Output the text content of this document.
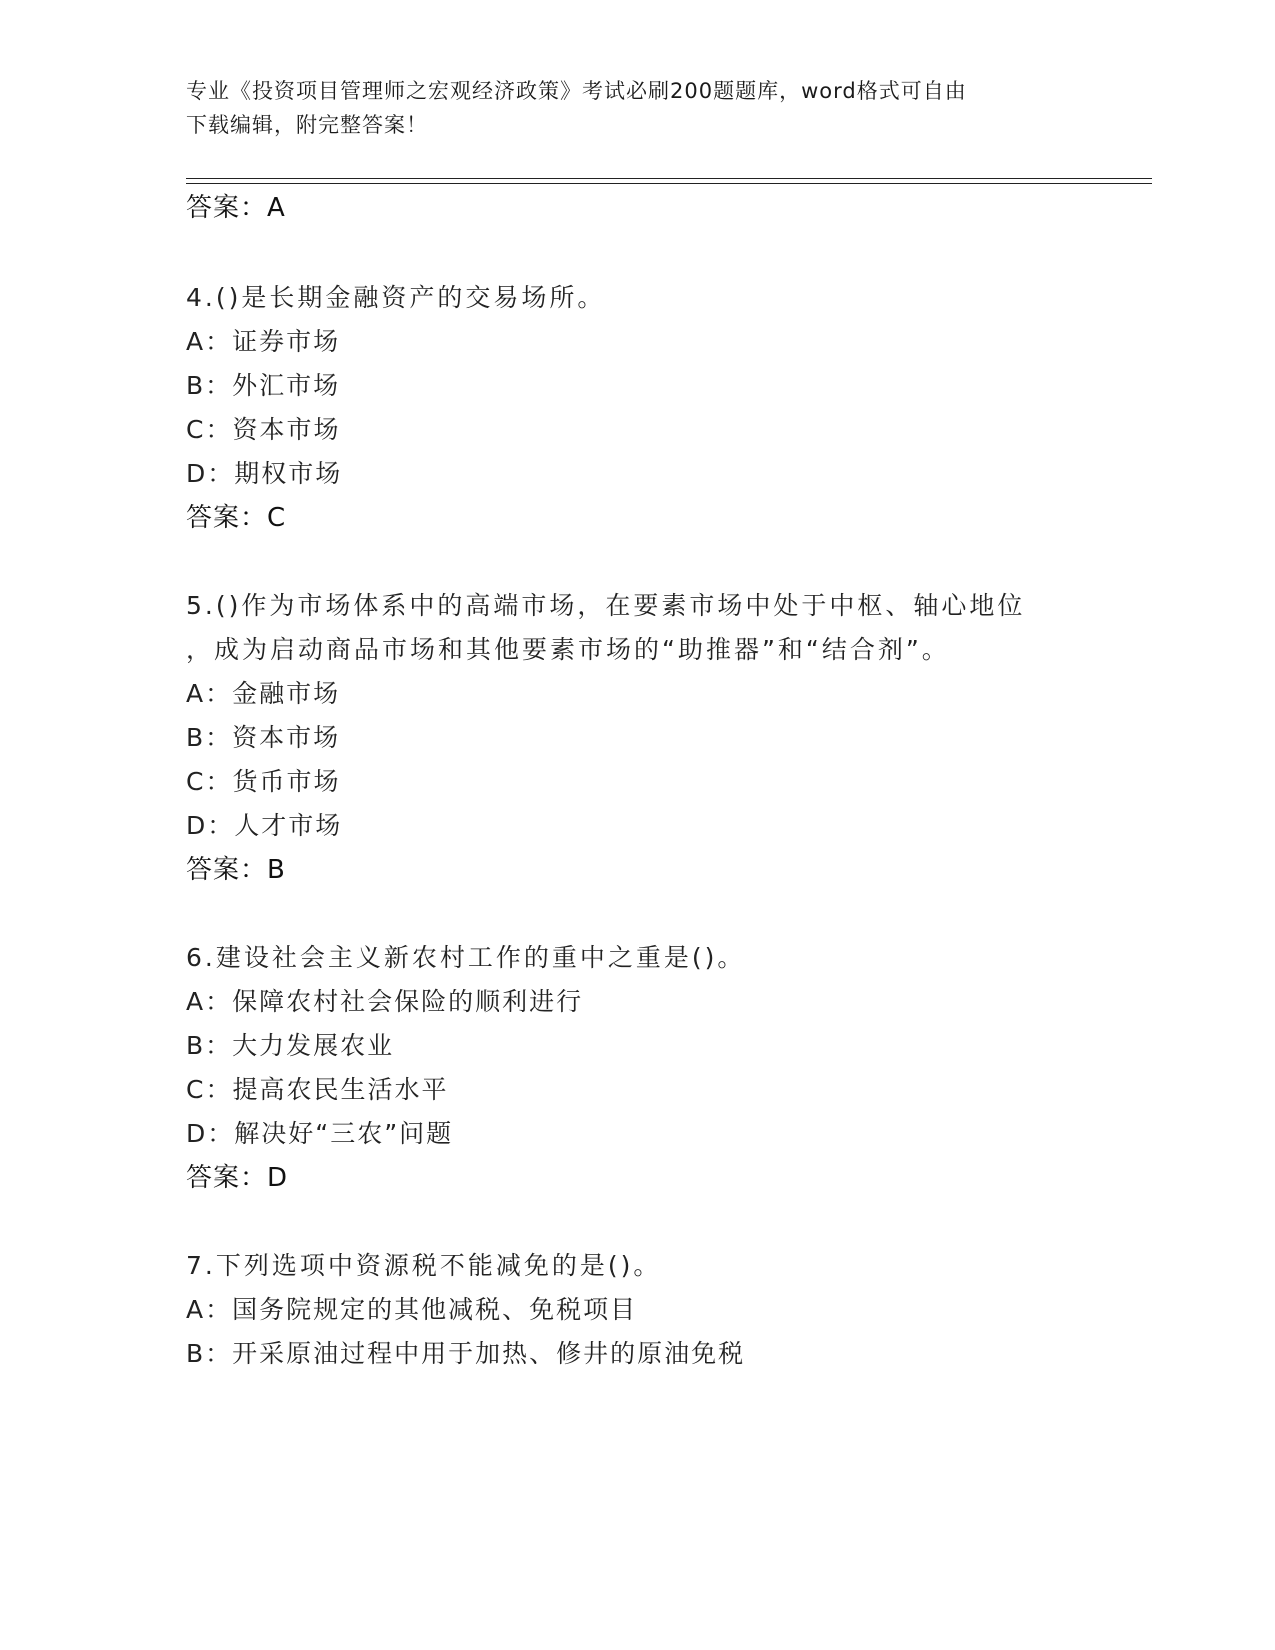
专业《投资项目管理师之宏观经济政策》考试必刷200题题库，word格式可自由
下载编辑，附完整答案！
答案：A
4.()是长期金融资产的交易场所。
A：证券市场
B：外汇市场
C：资本市场
D：期权市场
答案：C
5.()作为市场体系中的高端市场，在要素市场中处于中枢、轴心地位
，成为启动商品市场和其他要素市场的“助推器”和“结合剂”。
A：金融市场
B：资本市场
C：货币市场
D：人才市场
答案：B
6.建设社会主义新农村工作的重中之重是()。
A：保障农村社会保险的顺利进行
B：大力发展农业
C：提高农民生活水平
D：解决好“三农”问题
答案：D
7.下列选项中资源税不能减免的是()。
A：国务院规定的其他减税、免税项目
B：开采原油过程中用于加热、修井的原油免税
